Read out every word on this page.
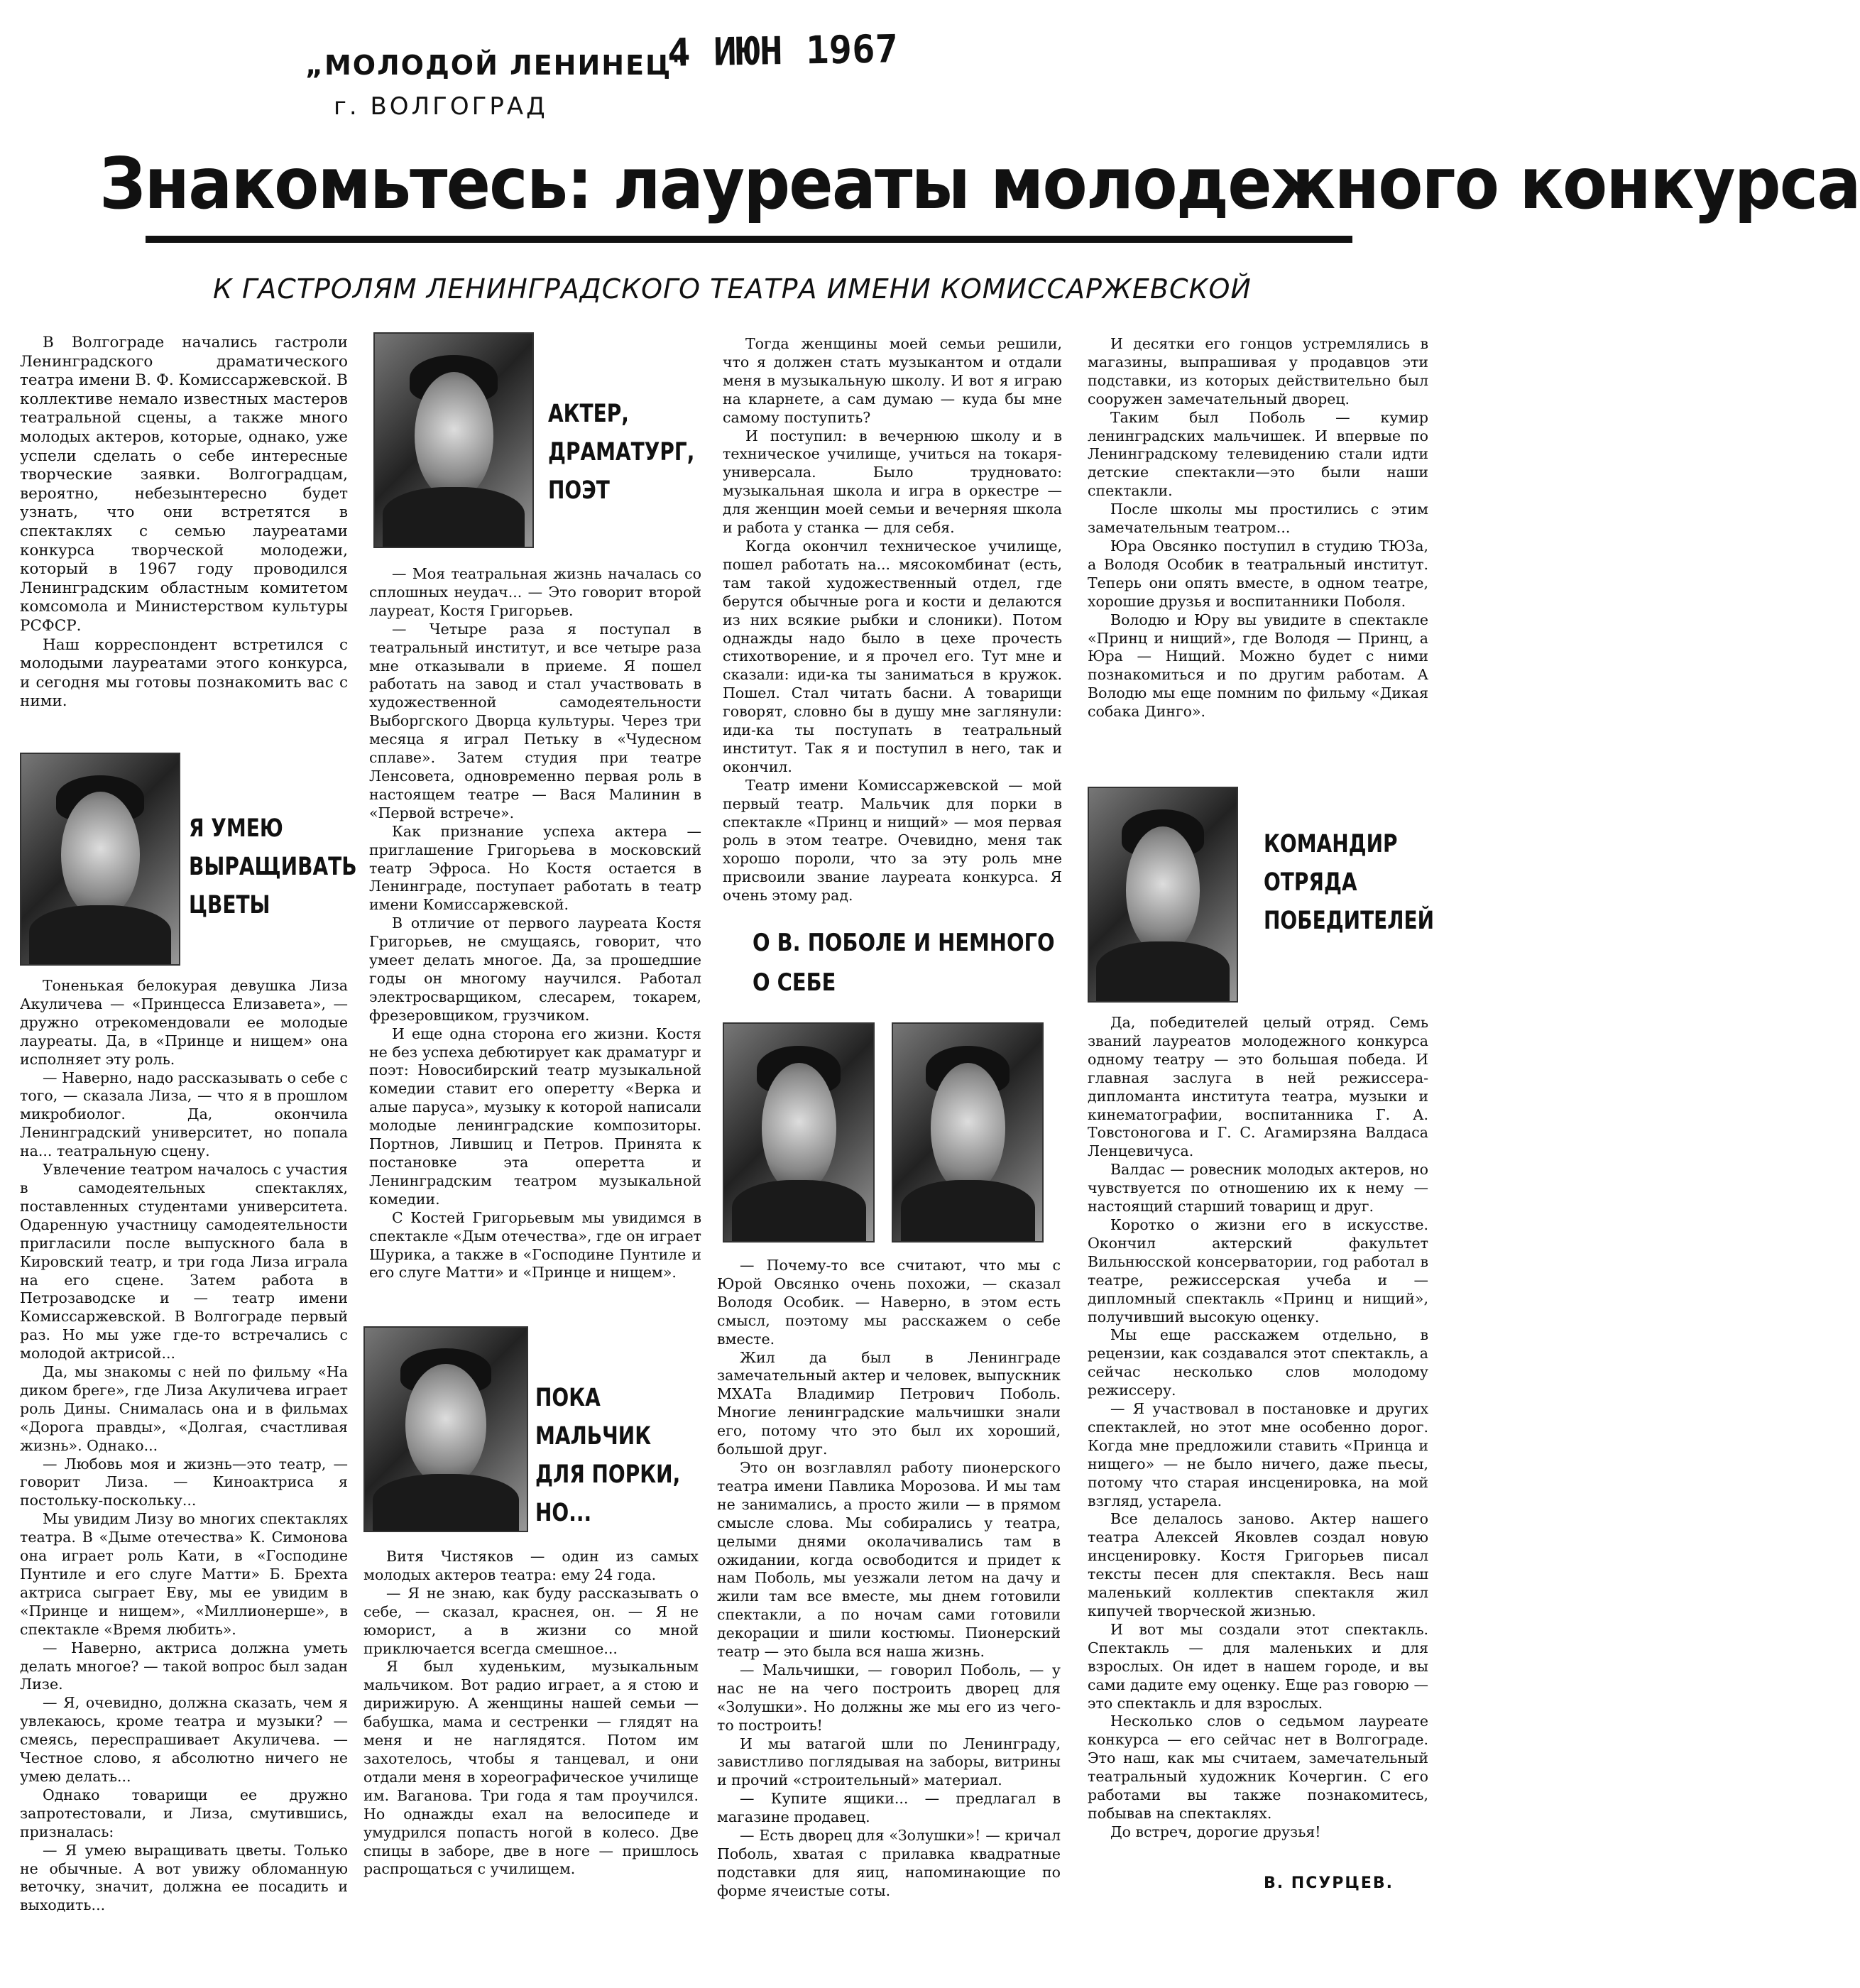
„МОЛОДОЙ ЛЕНИНЕЦ"
г. ВОЛГОГРАД
4 ИЮН 1967
Знакомьтесь: лауреаты молодежного конкурса
К ГАСТРОЛЯМ ЛЕНИНГРАДСКОГО ТЕАТРА ИМЕНИ КОМИССАРЖЕВСКОЙ

В Волгограде начались гастроли Ленинградского драматического театра имени В. Ф. Комиссаржевской. В коллективе немало известных мастеров театральной сцены, а также много молодых актеров, которые, однако, уже успели сделать о себе интересные творческие заявки. Волгоградцам, вероятно, небезынтересно будет узнать, что они встретятся в спектаклях с семью лауреатами конкурса творческой молодежи, который в 1967 году проводился Ленинградским областным комитетом комсомола и Министерством культуры РСФСР.

Наш корреспондент встретился с молодыми лауреатами этого конкурса, и сегодня мы готовы познакомить вас с ними.

Я УМЕЮ
ВЫРАЩИВАТЬ
ЦВЕТЫ

Тоненькая белокурая девушка Лиза Акуличева — «Принцесса Елизавета», — дружно отрекомендовали ее молодые лауреаты. Да, в «Принце и нищем» она исполняет эту роль.

— Наверно, надо рассказывать о себе с того, — сказала Лиза, — что я в прошлом микробиолог. Да, окончила Ленинградский университет, но попала на... театральную сцену.

Увлечение театром началось с участия в самодеятельных спектаклях, поставленных студентами университета. Одаренную участницу самодеятельности пригласили после выпускного бала в Кировский театр, и три года Лиза играла на его сцене. Затем работа в Петрозаводске и — театр имени Комиссаржевской. В Волгограде первый раз. Но мы уже где-то встречались с молодой актрисой...

Да, мы знакомы с ней по фильму «На диком бреге», где Лиза Акуличева играет роль Дины. Снималась она и в фильмах «Дорога правды», «Долгая, счастливая жизнь». Однако...

— Любовь моя и жизнь—это театр, — говорит Лиза. — Киноактриса я постольку-поскольку...

Мы увидим Лизу во многих спектаклях театра. В «Дыме отечества» К. Симонова она играет роль Кати, в «Господине Пунтиле и его слуге Матти» Б. Брехта актриса сыграет Еву, мы ее увидим в «Принце и нищем», «Миллионерше», в спектакле «Время любить».

— Наверно, актриса должна уметь делать многое? — такой вопрос был задан Лизе.

— Я, очевидно, должна сказать, чем я увлекаюсь, кроме театра и музыки? — смеясь, переспрашивает Акуличева. — Честное слово, я абсолютно ничего не умею делать...

Однако товарищи ее дружно запротестовали, и Лиза, смутившись, призналась:

— Я умею выращивать цветы. Только не обычные. А вот увижу обломанную веточку, значит, должна ее посадить и выходить...

АКТЕР,
ДРАМАТУРГ,
ПОЭТ

— Моя театральная жизнь началась со сплошных неудач... — Это говорит второй лауреат, Костя Григорьев.

— Четыре раза я поступал в театральный институт, и все четыре раза мне отказывали в приеме. Я пошел работать на завод и стал участвовать в художественной самодеятельности Выборгского Дворца культуры. Через три месяца я играл Петьку в «Чудесном сплаве». Затем студия при театре Ленсовета, одновременно первая роль в настоящем театре — Вася Малинин в «Первой встрече».

Как признание успеха актера — приглашение Григорьева в московский театр Эфроса. Но Костя остается в Ленинграде, поступает работать в театр имени Комиссаржевской.

В отличие от первого лауреата Костя Григорьев, не смущаясь, говорит, что умеет делать многое. Да, за прошедшие годы он многому научился. Работал электросварщиком, слесарем, токарем, фрезеровщиком, грузчиком.

И еще одна сторона его жизни. Костя не без успеха дебютирует как драматург и поэт: Новосибирский театр музыкальной комедии ставит его оперетту «Верка и алые паруса», музыку к которой написали молодые ленинградские композиторы. Портнов, Лившиц и Петров. Принята к постановке эта оперетта и Ленинградским театром музыкальной комедии.

С Костей Григорьевым мы увидимся в спектакле «Дым отечества», где он играет Шурика, а также в «Господине Пунтиле и его слуге Матти» и «Принце и нищем».

ПОКА
МАЛЬЧИК
ДЛЯ ПОРКИ,
НО...

Витя Чистяков — один из самых молодых актеров театра: ему 24 года.

— Я не знаю, как буду рассказывать о себе, — сказал, краснея, он. — Я не юморист, а в жизни со мной приключается всегда смешное...

Я был худеньким, музыкальным мальчиком. Вот радио играет, а я стою и дирижирую. А женщины нашей семьи — бабушка, мама и сестренки — глядят на меня и не наглядятся. Потом им захотелось, чтобы я танцевал, и они отдали меня в хореографическое училище им. Ваганова. Три года я там проучился. Но однажды ехал на велосипеде и умудрился попасть ногой в колесо. Две спицы в заборе, две в ноге — пришлось распрощаться с училищем.

Тогда женщины моей семьи решили, что я должен стать музыкантом и отдали меня в музыкальную школу. И вот я играю на кларнете, а сам думаю — куда бы мне самому поступить?

И поступил: в вечернюю школу и в техническое училище, учиться на токаря-универсала. Было трудновато: музыкальная школа и игра в оркестре — для женщин моей семьи и вечерняя школа и работа у станка — для себя.

Когда окончил техническое училище, пошел работать на... мясокомбинат (есть, там такой художественный отдел, где берутся обычные рога и кости и делаются из них всякие рыбки и слоники). Потом однажды надо было в цехе прочесть стихотворение, и я прочел его. Тут мне и сказали: иди-ка ты заниматься в кружок. Пошел. Стал читать басни. А товарищи говорят, словно бы в душу мне заглянули: иди-ка ты поступать в театральный институт. Так я и поступил в него, так и окончил.

Театр имени Комиссаржевской — мой первый театр. Мальчик для порки в спектакле «Принц и нищий» — моя первая роль в этом театре. Очевидно, меня так хорошо пороли, что за эту роль мне присвоили звание лауреата конкурса. Я очень этому рад.

О В. ПОБОЛЕ И НЕМНОГО
О СЕБЕ

— Почему-то все считают, что мы с Юрой Овсянко очень похожи, — сказал Володя Особик. — Наверно, в этом есть смысл, поэтому мы расскажем о себе вместе.

Жил да был в Ленинграде замечательный актер и человек, выпускник МХАТа Владимир Петрович Поболь. Многие ленинградские мальчишки знали его, потому что это был их хороший, большой друг.

Это он возглавлял работу пионерского театра имени Павлика Морозова. И мы там не занимались, а просто жили — в прямом смысле слова. Мы собирались у театра, целыми днями околачивались там в ожидании, когда освободится и придет к нам Поболь, мы уезжали летом на дачу и жили там все вместе, мы днем готовили спектакли, а по ночам сами готовили декорации и шили костюмы. Пионерский театр — это была вся наша жизнь.

— Мальчишки, — говорил Поболь, — у нас не на чего построить дворец для «Золушки». Но должны же мы его из чего-то построить!

И мы ватагой шли по Ленинграду, завистливо поглядывая на заборы, витрины и прочий «строительный» материал.

— Купите ящики... — предлагал в магазине продавец.

— Есть дворец для «Золушки»! — кричал Поболь, хватая с прилавка квадратные подставки для яиц, напоминающие по форме ячеистые соты.

И десятки его гонцов устремлялись в магазины, выпрашивая у продавцов эти подставки, из которых действительно был сооружен замечательный дворец.

Таким был Поболь — кумир ленинградских мальчишек. И впервые по Ленинградскому телевидению стали идти детские спектакли—это были наши спектакли.

После школы мы простились с этим замечательным театром...

Юра Овсянко поступил в студию ТЮЗа, а Володя Особик в театральный институт. Теперь они опять вместе, в одном театре, хорошие друзья и воспитанники Поболя.

Володю и Юру вы увидите в спектакле «Принц и нищий», где Володя — Принц, а Юра — Нищий. Можно будет с ними познакомиться и по другим работам. А Володю мы еще помним по фильму «Дикая собака Динго».

КОМАНДИР
ОТРЯДА
ПОБЕДИТЕЛЕЙ

Да, победителей целый отряд. Семь званий лауреатов молодежного конкурса одному театру — это большая победа. И главная заслуга в ней режиссера-дипломанта института театра, музыки и кинематографии, воспитанника Г. А. Товстоногова и Г. С. Агамирзяна Валдаса Ленцевичуса.

Валдас — ровесник молодых актеров, но чувствуется по отношению их к нему — настоящий старший товарищ и друг.

Коротко о жизни его в искусстве. Окончил актерский факультет Вильнюсской консерватории, год работал в театре, режиссерская учеба и — дипломный спектакль «Принц и нищий», получивший высокую оценку.

Мы еще расскажем отдельно, в рецензии, как создавался этот спектакль, а сейчас несколько слов молодому режиссеру.

— Я участвовал в постановке и других спектаклей, но этот мне особенно дорог. Когда мне предложили ставить «Принца и нищего» — не было ничего, даже пьесы, потому что старая инсценировка, на мой взгляд, устарела.

Все делалось заново. Актер нашего театра Алексей Яковлев создал новую инсценировку. Костя Григорьев писал тексты песен для спектакля. Весь наш маленький коллектив спектакля жил кипучей творческой жизнью.

И вот мы создали этот спектакль. Спектакль — для маленьких и для взрослых. Он идет в нашем городе, и вы сами дадите ему оценку. Еще раз говорю — это спектакль и для взрослых.

Несколько слов о седьмом лауреате конкурса — его сейчас нет в Волгограде. Это наш, как мы считаем, замечательный театральный художник Кочергин. С его работами вы также познакомитесь, побывав на спектаклях.

До встреч, дорогие друзья!

В. ПСУРЦЕВ.
